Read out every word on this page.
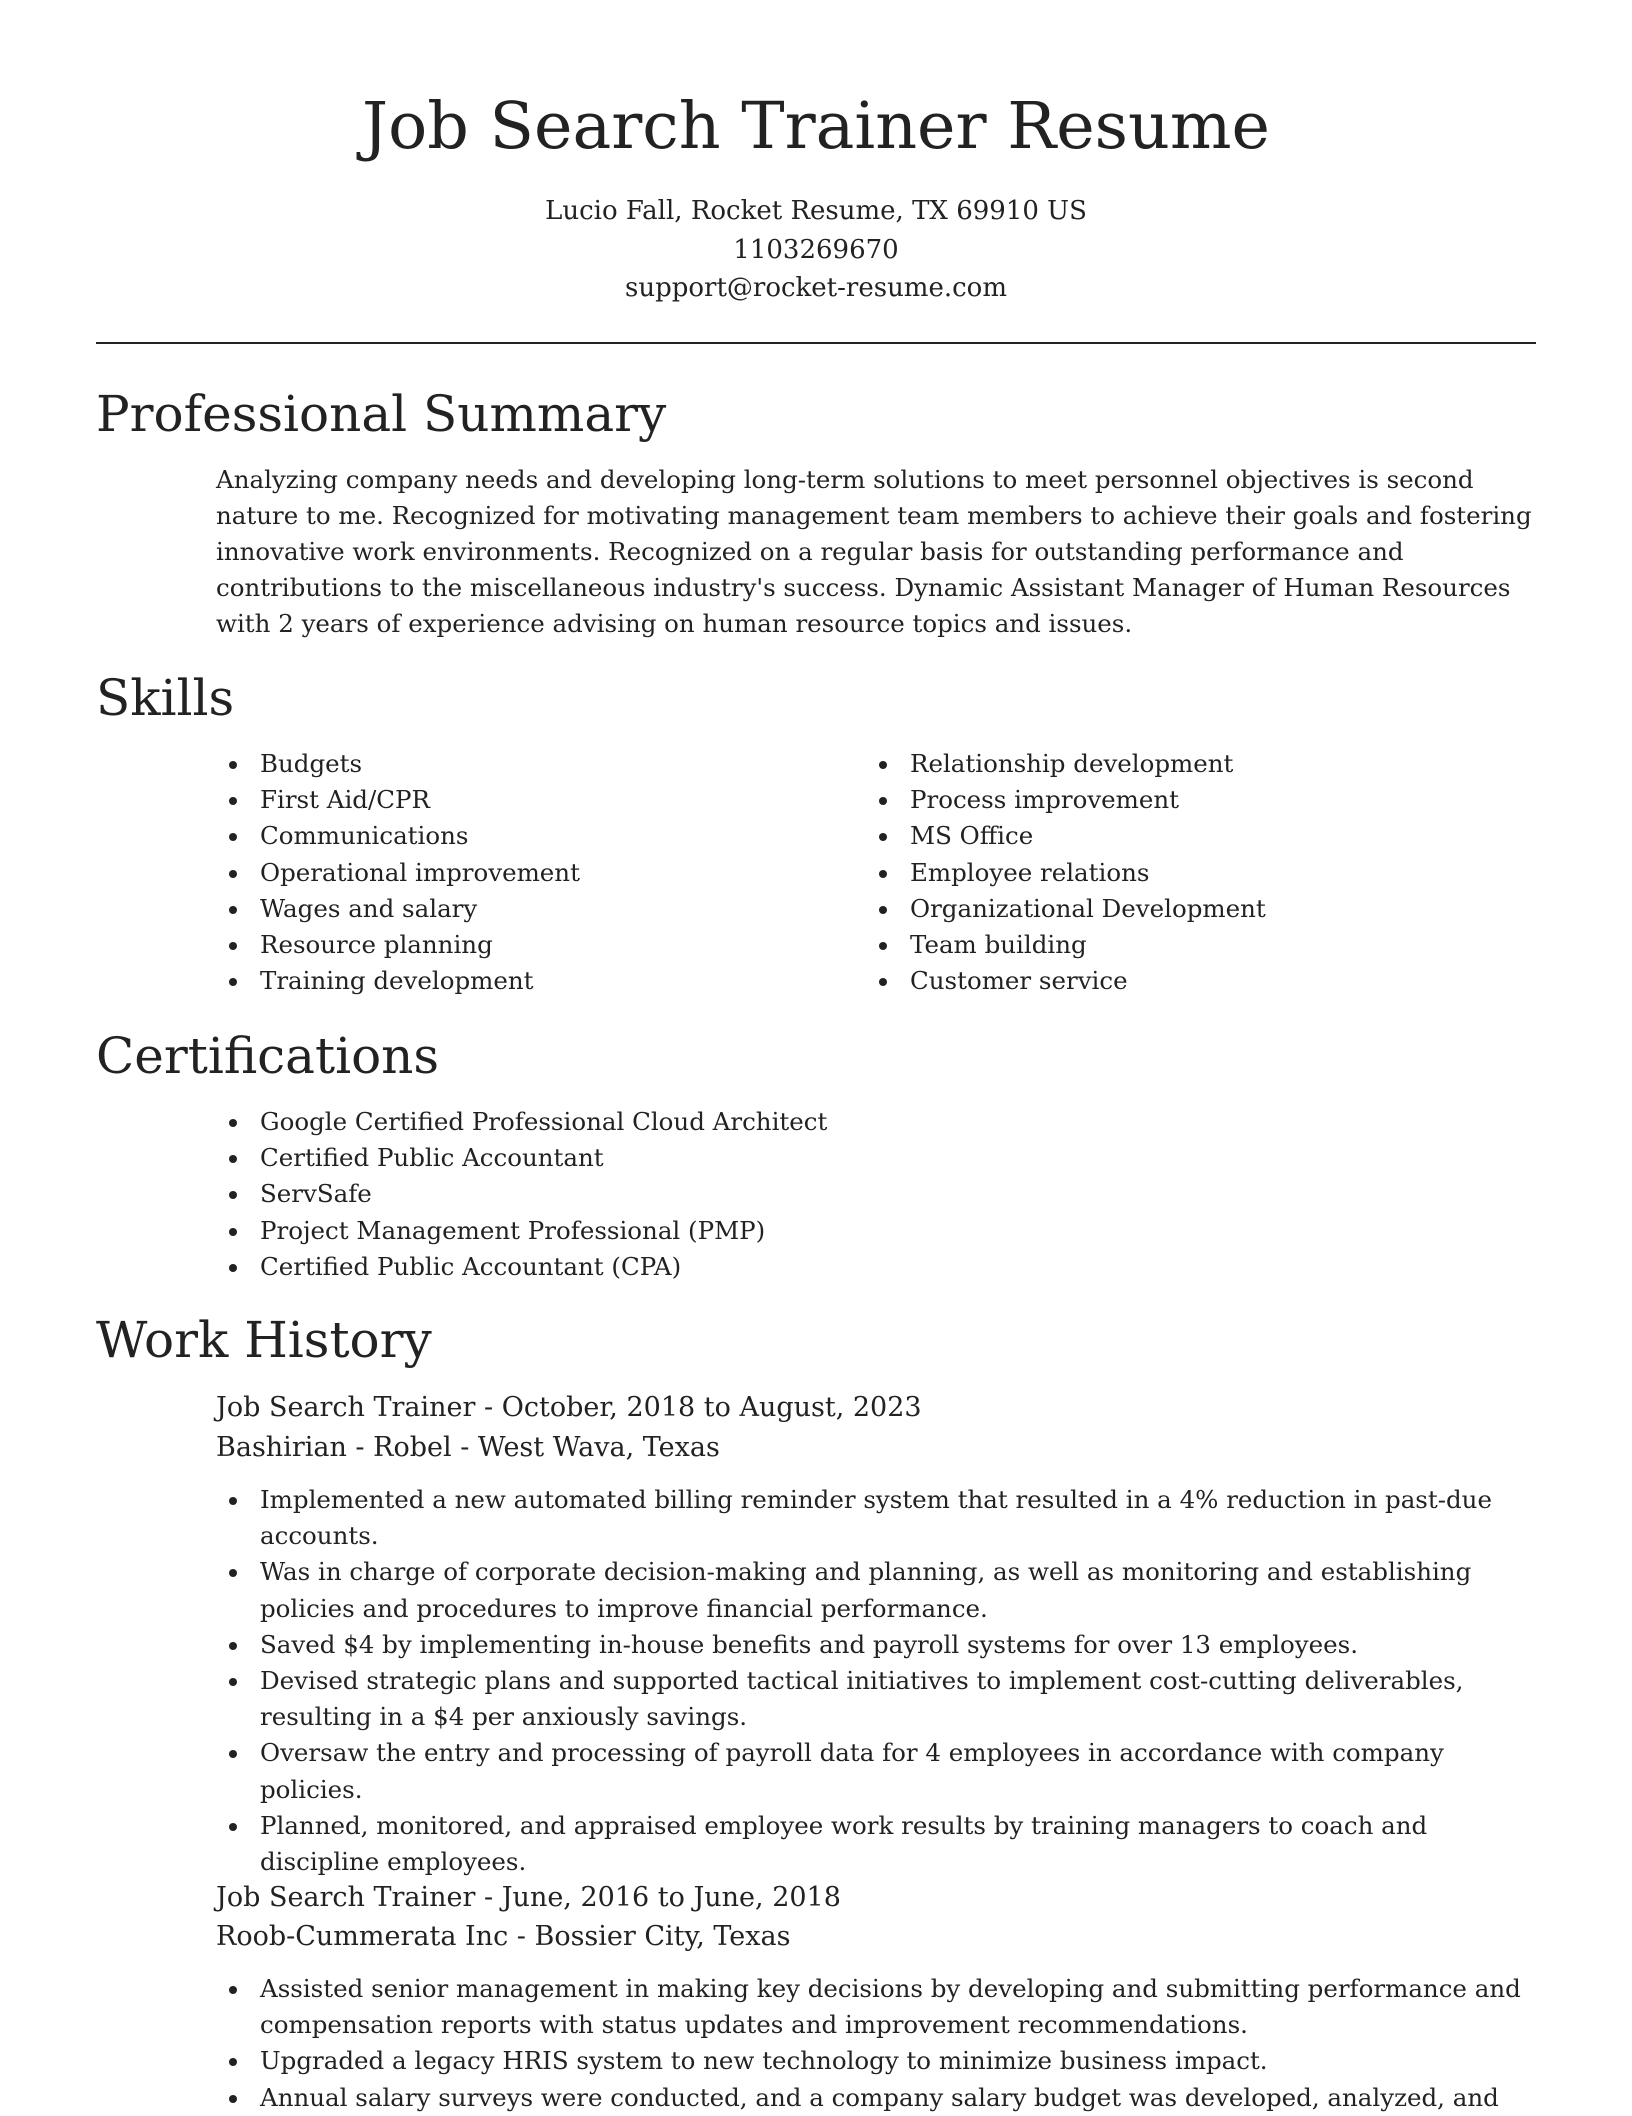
Job Search Trainer Resume
Lucio Fall, Rocket Resume, TX 69910 US
1103269670
support@rocket-resume.com
Professional Summary

Analyzing company needs and developing long-term solutions to meet personnel objectives is second nature to me. Recognized for motivating management team members to achieve their goals and fostering innovative work environments. Recognized on a regular basis for outstanding performance and contributions to the miscellaneous industry's success. Dynamic Assistant Manager of Human Resources with 2 years of experience advising on human resource topics and issues.

Skills
Budgets
First Aid/CPR
Communications
Operational improvement
Wages and salary
Resource planning
Training development
Relationship development
Process improvement
MS Office
Employee relations
Organizational Development
Team building
Customer service
Certifications
Google Certified Professional Cloud Architect
Certified Public Accountant
ServSafe
Project Management Professional (PMP)
Certified Public Accountant (CPA)
Work History
Job Search Trainer - October, 2018 to August, 2023
Bashirian - Robel - West Wava, Texas
Implemented a new automated billing reminder system that resulted in a 4% reduction in past-due accounts.
Was in charge of corporate decision-making and planning, as well as monitoring and establishing policies and procedures to improve financial performance.
Saved $4 by implementing in-house benefits and payroll systems for over 13 employees.
Devised strategic plans and supported tactical initiatives to implement cost-cutting deliverables, resulting in a $4 per anxiously savings.
Oversaw the entry and processing of payroll data for 4 employees in accordance with company policies.
Planned, monitored, and appraised employee work results by training managers to coach and discipline employees.
Job Search Trainer - June, 2016 to June, 2018
Roob-Cummerata Inc - Bossier City, Texas
Assisted senior management in making key decisions by developing and submitting performance and compensation reports with status updates and improvement recommendations.
Upgraded a legacy HRIS system to new technology to minimize business impact.
Annual salary surveys were conducted, and a company salary budget was developed, analyzed, and
